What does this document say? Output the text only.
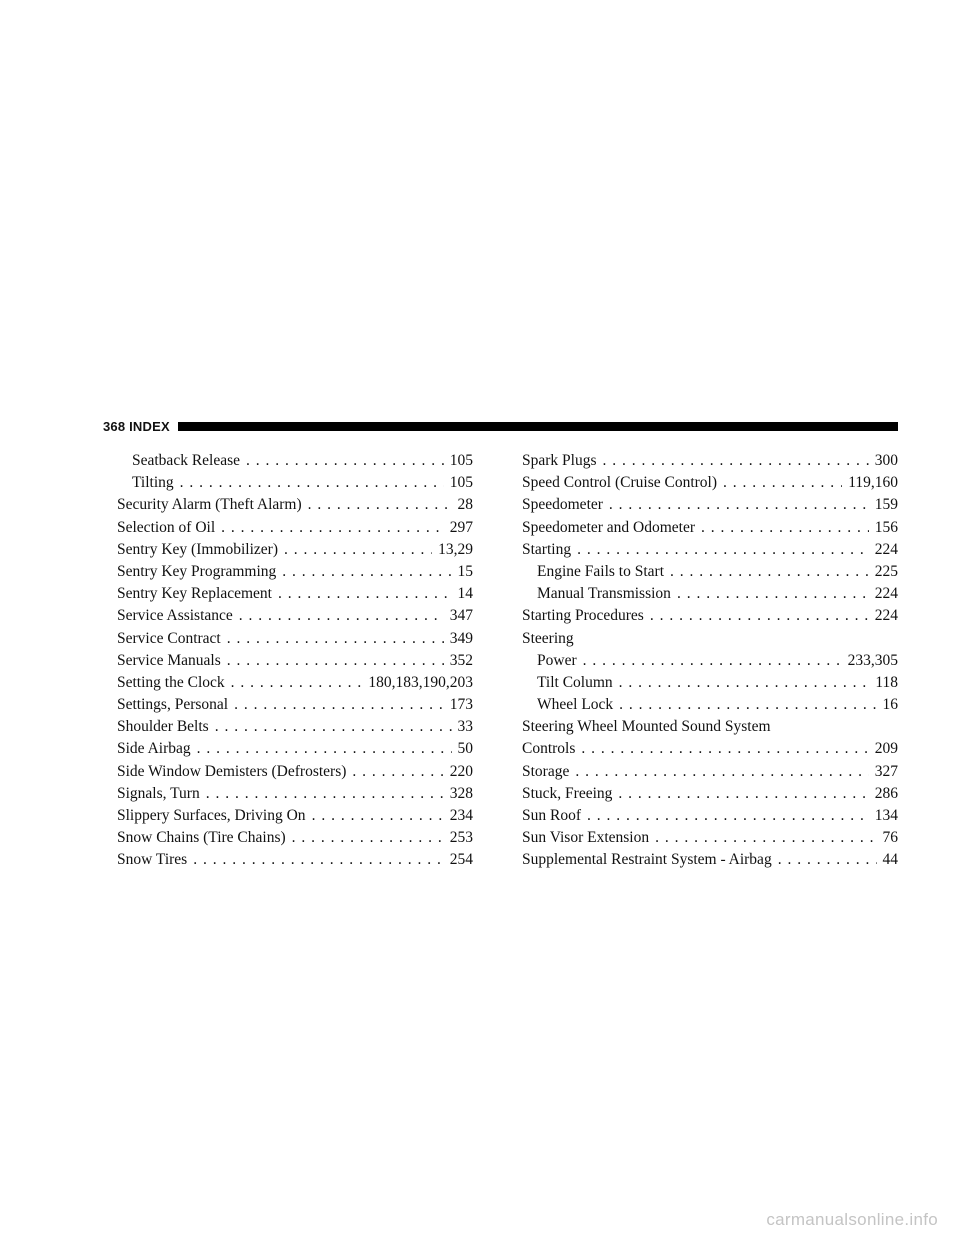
368 INDEX
Seatback Release . . .	105
Tilting . . .	105
Security Alarm (Theft Alarm) . . .	28
Selection of Oil . . .	297
Sentry Key (Immobilizer) . . .	13,29
Sentry Key Programming . . .	15
Sentry Key Replacement . . .	14
Service Assistance . . .	347
Service Contract . . .	349
Service Manuals . . .	352
Setting the Clock . . .	180,183,190,203
Settings, Personal . . .	173
Shoulder Belts . . .	33
Side Airbag . . .	50
Side Window Demisters (Defrosters) . . .	220
Signals, Turn . . .	328
Slippery Surfaces, Driving On . . .	234
Snow Chains (Tire Chains) . . .	253
Snow Tires . . .	254
Spark Plugs . . .	300
Speed Control (Cruise Control) . . .	119,160
Speedometer . . .	159
Speedometer and Odometer . . .	156
Starting . . .	224
Engine Fails to Start . . .	225
Manual Transmission . . .	224
Starting Procedures . . .	224
Steering
Power . . .	233,305
Tilt Column . . .	118
Wheel Lock . . .	16
Steering Wheel Mounted Sound System
Controls . . .	209
Storage . . .	327
Stuck, Freeing . . .	286
Sun Roof . . .	134
Sun Visor Extension . . .	76
Supplemental Restraint System - Airbag . . .	44
carmanualsonline.info
